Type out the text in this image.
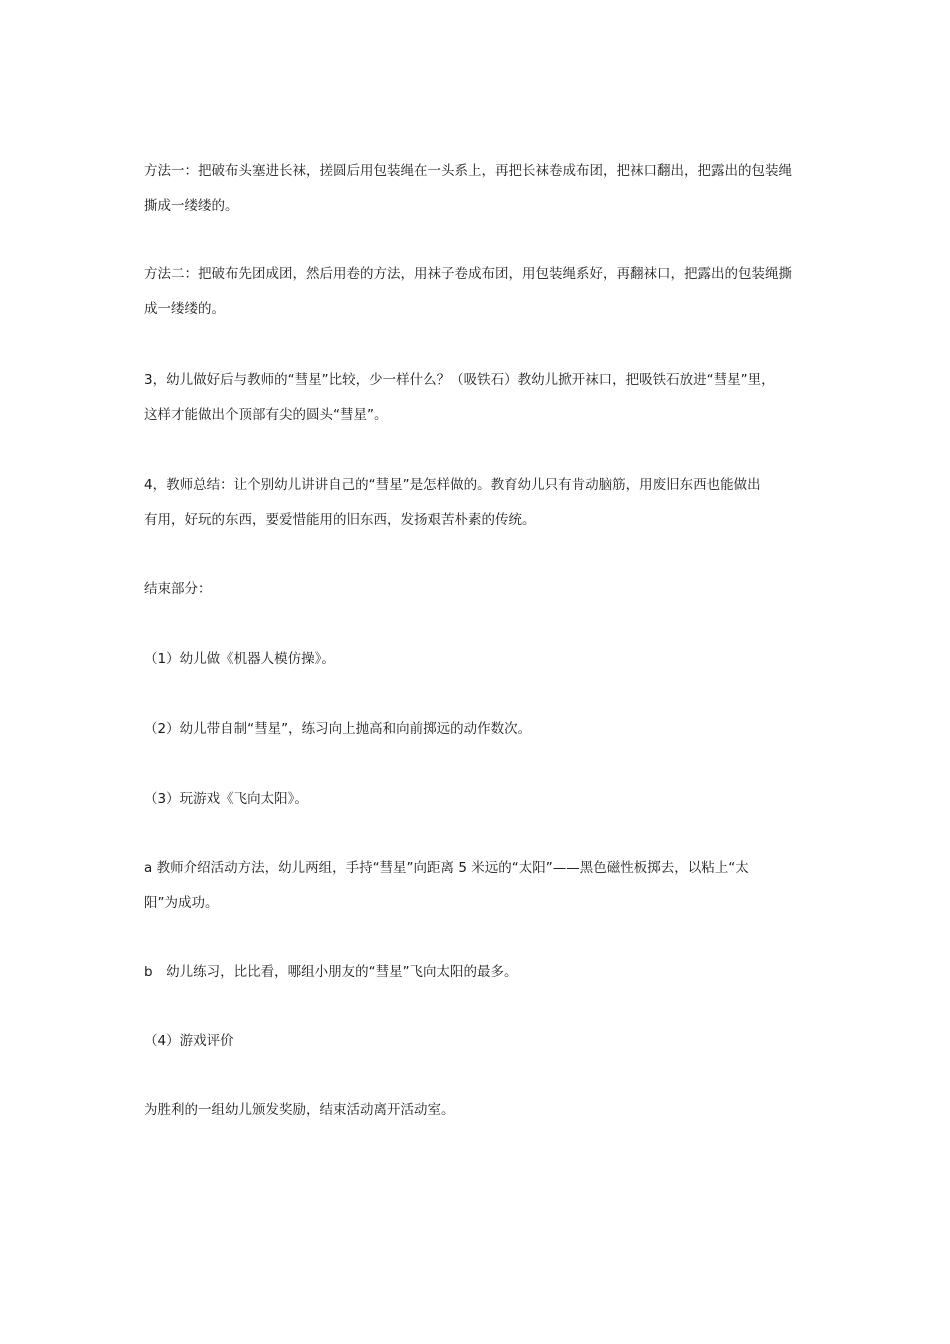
方法一：把破布头塞进长袜，搓圆后用包装绳在一头系上，再把长袜卷成布团，把袜口翻出，把露出的包装绳
撕成一缕缕的。

方法二：把破布先团成团，然后用卷的方法，用袜子卷成布团，用包装绳系好，再翻袜口，把露出的包装绳撕
成一缕缕的。

3，幼儿做好后与教师的“彗星”比较，少一样什么？（吸铁石）教幼儿掀开袜口，把吸铁石放进“彗星”里，
这样才能做出个顶部有尖的圆头“彗星”。

4，教师总结：让个别幼儿讲讲自己的“彗星”是怎样做的。教育幼儿只有肯动脑筋，用废旧东西也能做出
有用，好玩的东西，要爱惜能用的旧东西，发扬艰苦朴素的传统。

结束部分：

（1）幼儿做《机器人模仿操》。

（2）幼儿带自制“彗星”，练习向上抛高和向前掷远的动作数次。

（3）玩游戏《飞向太阳》。

a 教师介绍活动方法，幼儿两组，手持“彗星”向距离 5 米远的“太阳”——黑色磁性板掷去，以粘上“太
阳”为成功。

b　幼儿练习，比比看，哪组小朋友的“彗星”飞向太阳的最多。

（4）游戏评价

为胜利的一组幼儿颁发奖励，结束活动离开活动室。
